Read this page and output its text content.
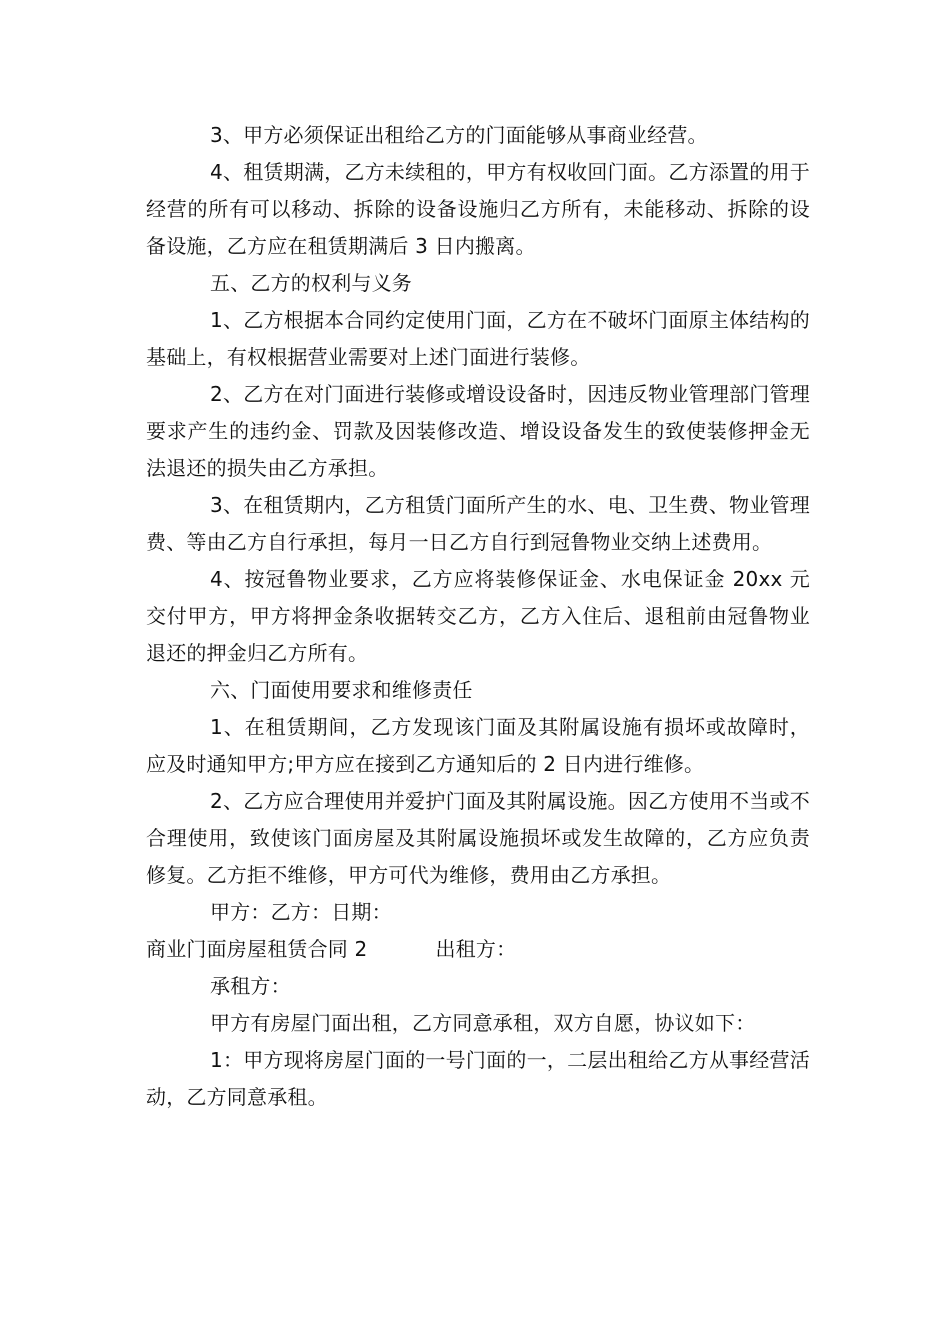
3、甲方必须保证出租给乙方的门面能够从事商业经营。

4、租赁期满，乙方未续租的，甲方有权收回门面。乙方添置的用于经营的所有可以移动、拆除的设备设施归乙方所有，未能移动、拆除的设备设施，乙方应在租赁期满后 3 日内搬离。

五、乙方的权利与义务

1、乙方根据本合同约定使用门面，乙方在不破坏门面原主体结构的基础上，有权根据营业需要对上述门面进行装修。

2、乙方在对门面进行装修或增设设备时，因违反物业管理部门管理要求产生的违约金、罚款及因装修改造、增设设备发生的致使装修押金无法退还的损失由乙方承担。

3、在租赁期内，乙方租赁门面所产生的水、电、卫生费、物业管理费、等由乙方自行承担，每月一日乙方自行到冠鲁物业交纳上述费用。

4、按冠鲁物业要求，乙方应将装修保证金、水电保证金 20xx 元交付甲方，甲方将押金条收据转交乙方，乙方入住后、退租前由冠鲁物业退还的押金归乙方所有。

六、门面使用要求和维修责任

1、在租赁期间，乙方发现该门面及其附属设施有损坏或故障时， 应及时通知甲方;甲方应在接到乙方通知后的 2 日内进行维修。

2、乙方应合理使用并爱护门面及其附属设施。因乙方使用不当或不合理使用，致使该门面房屋及其附属设施损坏或发生故障的，乙方应负责修复。乙方拒不维修，甲方可代为维修，费用由乙方承担。

甲方：乙方：日期：

商业门面房屋租赁合同 2	出租方：

承租方：

甲方有房屋门面出租，乙方同意承租，双方自愿，协议如下：

1：甲方现将房屋门面的一号门面的一，二层出租给乙方从事经营活动，乙方同意承租。
